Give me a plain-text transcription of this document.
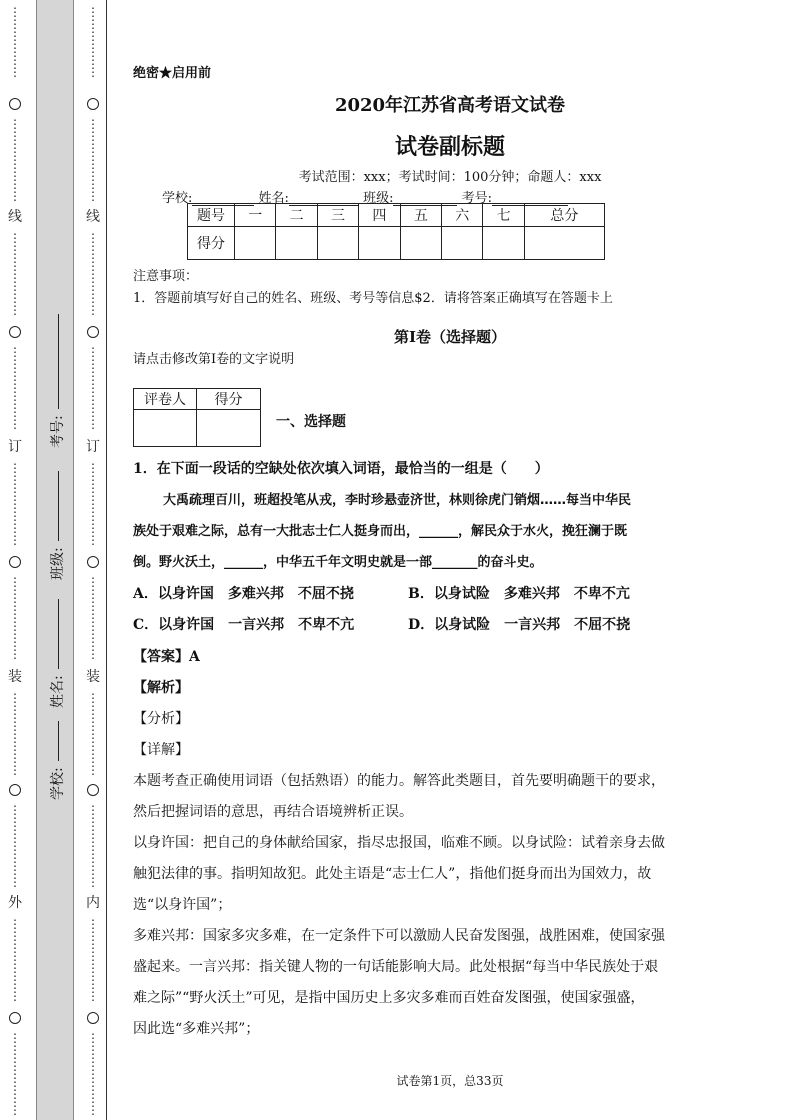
⋮
⋮
⋮
⋮
⋮
⋮
⋮
⋮
⋮
⋮
⋮
⋮
⋮
线
⋮
⋮
⋮
⋮
⋮
⋮
⋮
⋮
⋮
⋮
⋮
⋮
⋮
⋮
订
⋮
⋮
⋮
⋮
⋮
⋮
⋮
⋮
⋮
⋮
⋮
⋮
⋮
⋮
装
⋮
⋮
⋮
⋮
⋮
⋮
⋮
⋮
⋮
⋮
⋮
⋮
⋮
⋮
外
⋮
⋮
⋮
⋮
⋮
⋮
⋮
⋮
⋮
⋮
⋮
⋮
⋮
⋮
考号:
班级:
姓名:
学校:
⋮
⋮
⋮
⋮
⋮
⋮
⋮
⋮
⋮
⋮
⋮
⋮
⋮
线
⋮
⋮
⋮
⋮
⋮
⋮
⋮
⋮
⋮
⋮
⋮
⋮
⋮
⋮
订
⋮
⋮
⋮
⋮
⋮
⋮
⋮
⋮
⋮
⋮
⋮
⋮
⋮
⋮
装
⋮
⋮
⋮
⋮
⋮
⋮
⋮
⋮
⋮
⋮
⋮
⋮
⋮
⋮
内
⋮
⋮
⋮
⋮
⋮
⋮
⋮
⋮
⋮
⋮
⋮
⋮
⋮
⋮
绝密★启用前
2020年江苏省高考语文试卷
试卷副标题
考试范围：xxx；考试时间：100分钟；命题人：xxx
学校:	姓名:	班级:	考号:
题号	一	二	三	四	五	六	七	总分
得分								
注意事项：
1．答题前填写好自己的姓名、班级、考号等信息$2．请将答案正确填写在答题卡上
第I卷（选择题）
请点击修改第I卷的文字说明
评卷人	得分

一、选择题
1．在下面一段话的空缺处依次填入词语，最恰当的一组是（　　）
大禹疏理百川，班超投笔从戎，李时珍悬壶济世，林则徐虎门销烟……每当中华民
族处于艰难之际，总有一大批志士仁人挺身而出，______，解民众于水火，挽狂澜于既
倒。野火沃土，______，中华五千年文明史就是一部_______的奋斗史。
A．以身许国　多难兴邦　不屈不挠	B．以身试险　多难兴邦　不卑不亢
C．以身许国　一言兴邦　不卑不亢	D．以身试险　一言兴邦　不屈不挠
【答案】A
【解析】
【分析】
【详解】
本题考查正确使用词语（包括熟语）的能力。解答此类题目，首先要明确题干的要求，
然后把握词语的意思，再结合语境辨析正误。
以身许国：把自己的身体献给国家，指尽忠报国，临难不顾。以身试险：试着亲身去做
触犯法律的事。指明知故犯。此处主语是“志士仁人”，指他们挺身而出为国效力，故
选“以身许国”；
多难兴邦：国家多灾多难，在一定条件下可以激励人民奋发图强，战胜困难，使国家强
盛起来。一言兴邦：指关键人物的一句话能影响大局。此处根据“每当中华民族处于艰
难之际”“野火沃土”可见，是指中国历史上多灾多难而百姓奋发图强，使国家强盛，
因此选“多难兴邦”；
试卷第1页，总33页
